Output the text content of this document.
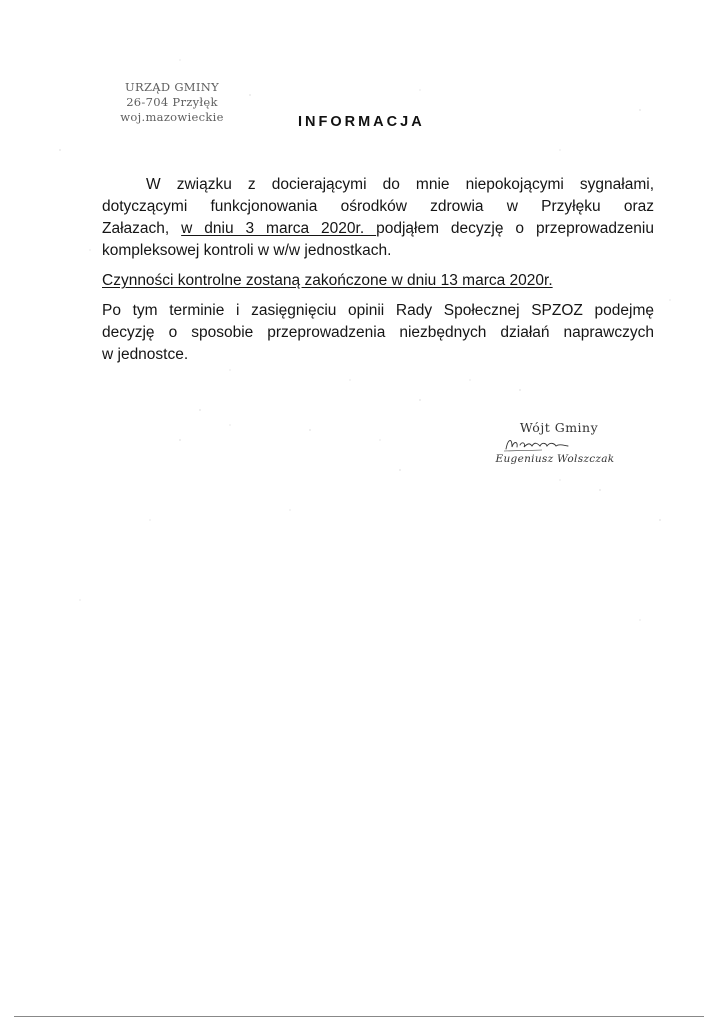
URZĄD GMINY
26-704 Przyłęk
woj.mazowieckie	INFORMACJA

W związku z docierającymi do mnie niepokojącymi sygnałami,
dotyczącymi funkcjonowania ośrodków zdrowia w Przyłęku oraz
Załazach, w dniu 3 marca 2020r. podjąłem decyzję o przeprowadzeniu
kompleksowej kontroli w w/w jednostkach.

Czynności kontrolne zostaną zakończone w dniu 13 marca 2020r.

Po tym terminie i zasięgnięciu opinii Rady Społecznej SPZOZ podejmę
decyzję o sposobie przeprowadzenia niezbędnych działań naprawczych
w jednostce.

Wójt Gminy
Eugeniusz Wolszczak
